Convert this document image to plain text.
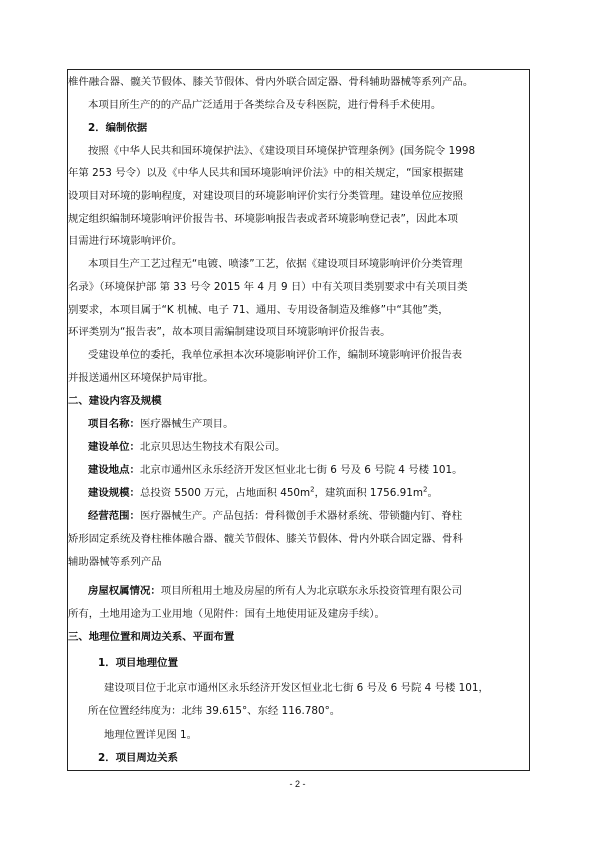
椎件融合器、髋关节假体、膝关节假体、骨内外联合固定器、骨科辅助器械等系列产品。
本项目所生产的的产品广泛适用于各类综合及专科医院，进行骨科手术使用。
2．编制依据
按照《中华人民共和国环境保护法》、《建设项目环境保护管理条例》(国务院令 1998
年第 253 号令）以及《中华人民共和国环境影响评价法》中的相关规定，“国家根据建
设项目对环境的影响程度，对建设项目的环境影响评价实行分类管理。建设单位应按照
规定组织编制环境影响评价报告书、环境影响报告表或者环境影响登记表”，因此本项
目需进行环境影响评价。
本项目生产工艺过程无“电镀、喷漆”工艺，依据《建设项目环境影响评价分类管理
名录》（环境保护部 第 33 号令 2015 年 4 月 9 日）中有关项目类别要求中有关项目类
别要求，本项目属于“K 机械、电子 71、通用、专用设备制造及维修”中“其他”类，
环评类别为“报告表”，故本项目需编制建设项目环境影响评价报告表。
受建设单位的委托，我单位承担本次环境影响评价工作，编制环境影响评价报告表
并报送通州区环境保护局审批。
二、建设内容及规模
项目名称：医疗器械生产项目。
建设单位：北京贝思达生物技术有限公司。
建设地点：北京市通州区永乐经济开发区恒业北七街 6 号及 6 号院 4 号楼 101。
建设规模：总投资 5500 万元，占地面积 $450m^2$，建筑面积 $1756.91m^2$。
经营范围：医疗器械生产。产品包括：骨科微创手术器材系统、带锁髓内钉、脊柱
矫形固定系统及脊柱椎体融合器、髋关节假体、膝关节假体、骨内外联合固定器、骨科
辅助器械等系列产品
房屋权属情况：项目所租用土地及房屋的所有人为北京联东永乐投资管理有限公司
所有，土地用途为工业用地（见附件：国有土地使用证及建房手续）。
三、地理位置和周边关系、平面布置
1．项目地理位置
建设项目位于北京市通州区永乐经济开发区恒业北七街 6 号及 6 号院 4 号楼 101，
所在位置经纬度为：北纬 39.615°、东经 116.780°。
地理位置详见图 1。
2．项目周边关系
- 2 -
